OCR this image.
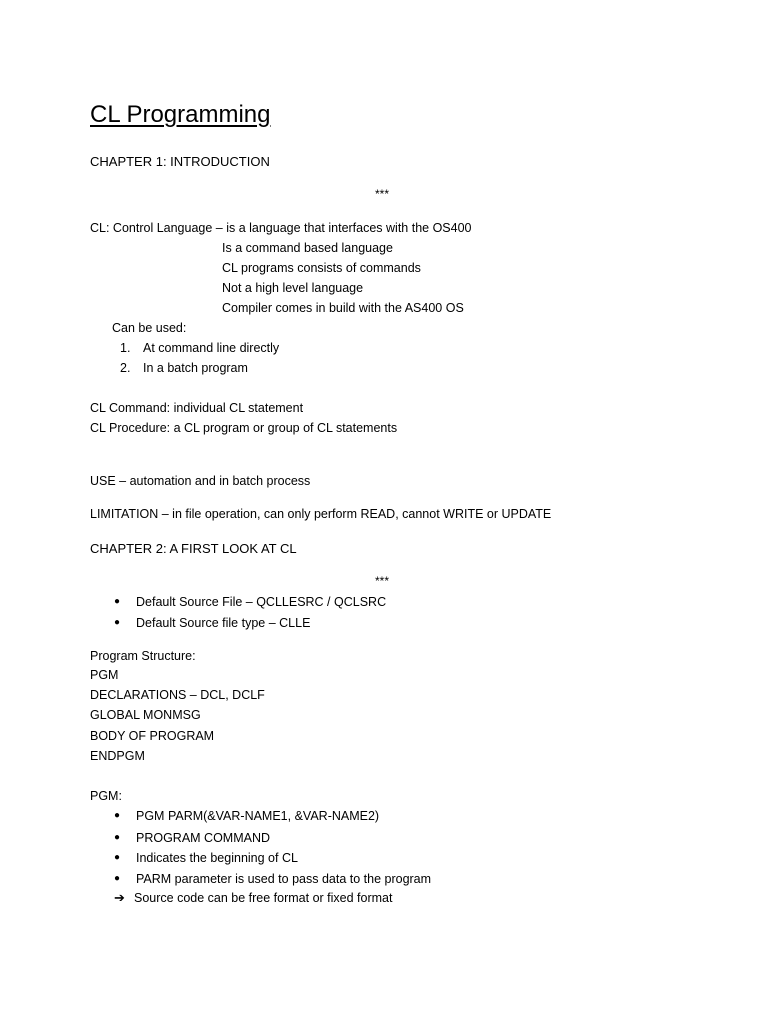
CL Programming
CHAPTER 1: INTRODUCTION
***
CL: Control Language – is a language that interfaces with the OS400
Is a command based language
CL programs consists of commands
Not a high level language
Compiler comes in build with the AS400 OS
Can be used:
1. At command line directly
2. In a batch program
CL Command: individual CL statement
CL Procedure: a CL program or group of CL statements
USE – automation and in batch process
LIMITATION – in file operation, can only perform READ, cannot WRITE or UPDATE
CHAPTER 2: A FIRST LOOK AT CL
***
● Default Source File – QCLLESRC / QCLSRC
● Default Source file type – CLLE
Program Structure:
PGM
DECLARATIONS – DCL, DCLF
GLOBAL MONMSG
BODY OF PROGRAM
ENDPGM
PGM:
● PGM PARM(&VAR-NAME1, &VAR-NAME2)
● PROGRAM COMMAND
● Indicates the beginning of CL
● PARM parameter is used to pass data to the program
➔ Source code can be free format or fixed format
